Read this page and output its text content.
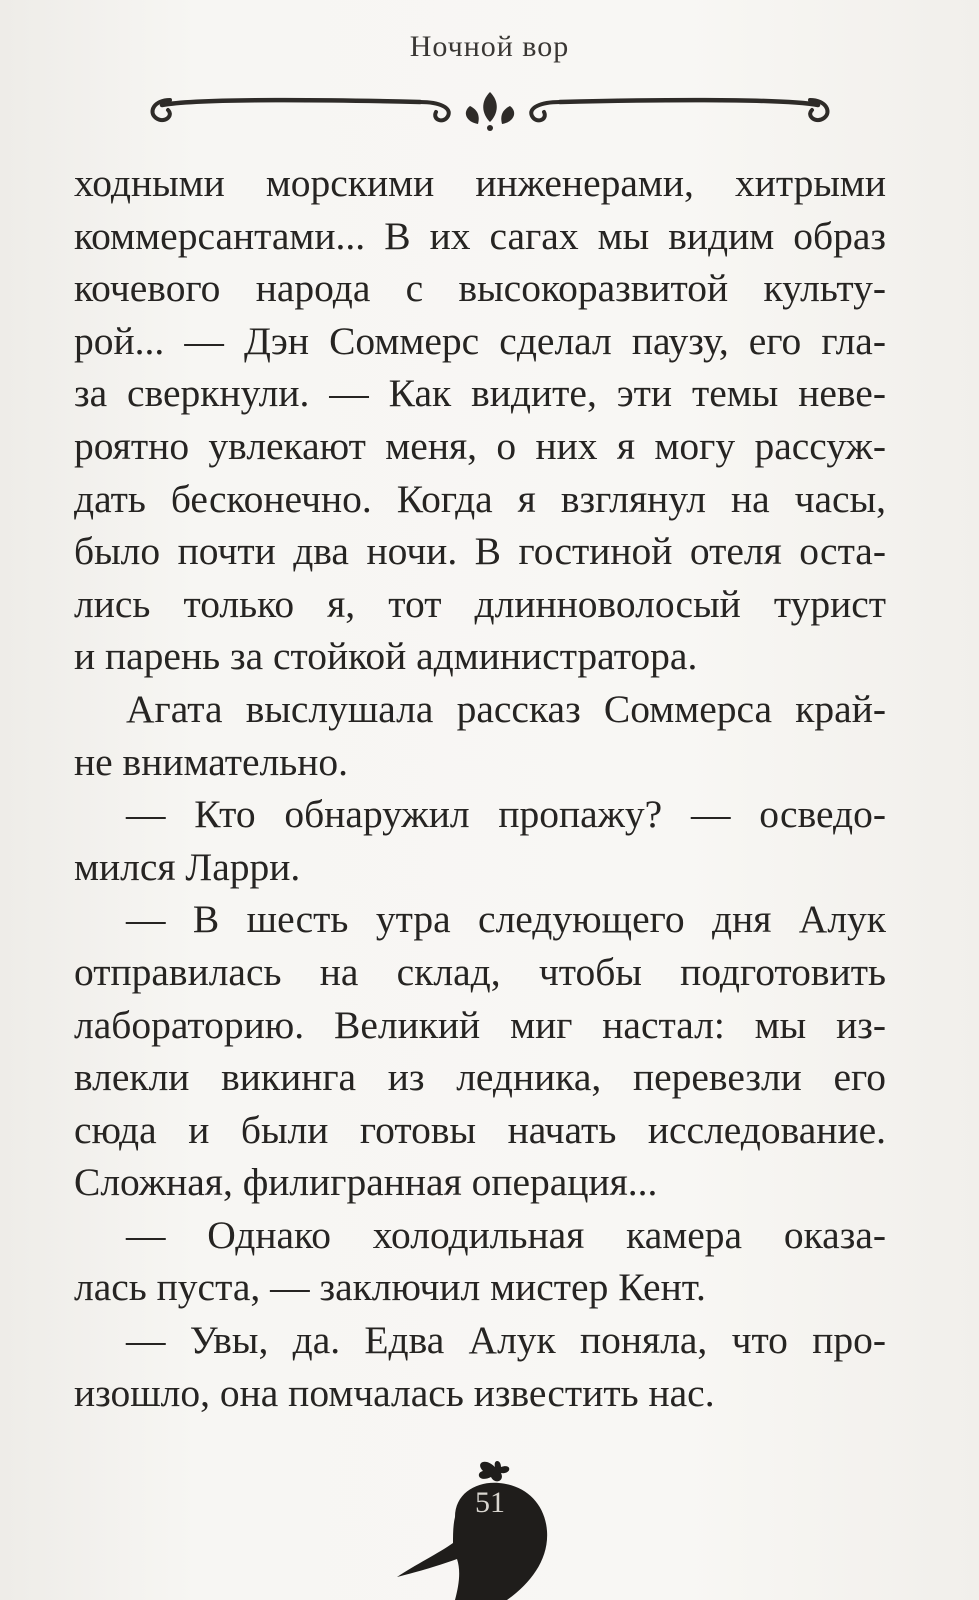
Ночной вор
ходными морскими инженерами, хитрыми
коммерсантами... В их сагах мы видим образ
кочевого народа с высокоразвитой культу-
рой... — Дэн Соммерс сделал паузу, его гла-
за сверкнули. — Как видите, эти темы неве-
роятно увлекают меня, о них я могу рассуж-
дать бесконечно. Когда я взглянул на часы,
было почти два ночи. В гостиной отеля оста-
лись только я, тот длинноволосый турист
и парень за стойкой администратора.
Агата выслушала рассказ Соммерса край-
не внимательно.
— Кто обнаружил пропажу? — осведо-
мился Ларри.
— В шесть утра следующего дня Алук
отправилась на склад, чтобы подготовить
лабораторию. Великий миг настал: мы из-
влекли викинга из ледника, перевезли его
сюда и были готовы начать исследование.
Сложная, филигранная операция...
— Однако холодильная камера оказа-
лась пуста, — заключил мистер Кент.
— Увы, да. Едва Алук поняла, что про-
изошло, она помчалась известить нас.
51
